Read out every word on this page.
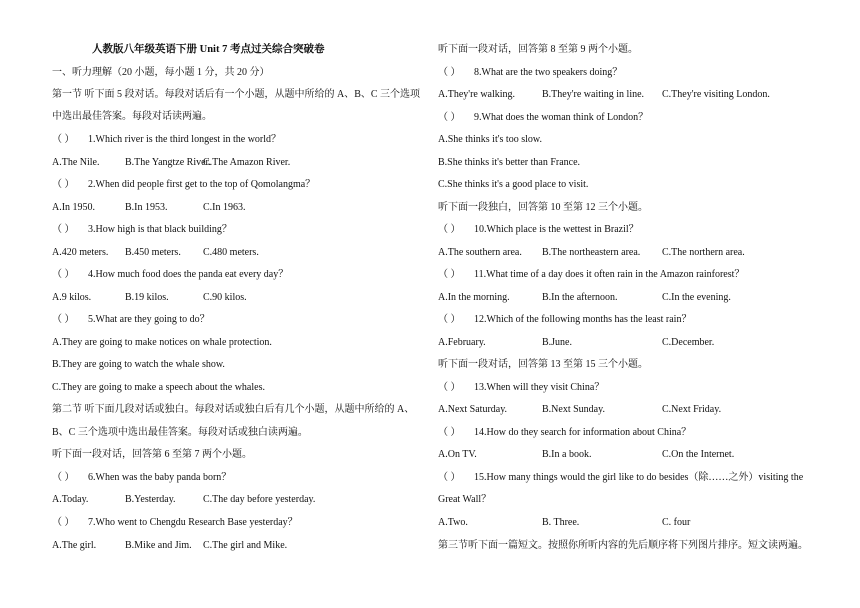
人教版八年级英语下册 Unit 7 考点过关综合突破卷
一、听力理解（20 小题，每小题 1 分，共 20 分）
第一节 听下面 5 段对话。每段对话后有一个小题，从题中所给的 A、B、C 三个选项
中选出最佳答案。每段对话读两遍。
（ ） 1.Which river is the third longest in the world？
A.The Nile.	B.The Yangtze River.
C.The Amazon River.
（ ） 2.When did people first get to the top of Qomolangma？
A.In 1950.	B.In 1953.	C.In 1963.
（ ） 3.How high is that black building？
A.420 meters. B.450 meters. C.480 meters.
（ ） 4.How much food does the panda eat every day？
A.9 kilos.	B.19 kilos.	C.90 kilos.
（ ） 5.What are they going to do？
A.They are going to make notices on whale protection.
B.They are going to watch the whale show.
C.They are going to make a speech about the whales.
第二节 听下面几段对话或独白。每段对话或独白后有几个小题，从题中所给的 A、
B、C 三个选项中选出最佳答案。每段对话或独白读两遍。
听下面一段对话，回答第 6 至第 7 两个小题。
（ ） 6.When was the baby panda born？
A.Today.	B.Yesterday.	C.The day before yesterday.
（ ） 7.Who went to Chengdu Research Base yesterday？
A.The girl.	B.Mike and Jim. C.The girl and Mike.
听下面一段对话，回答第 8 至第 9 两个小题。
（ ） 8.What are the two speakers doing？
A.They're walking.	B.They're waiting in line. C.They're visiting London.
（ ） 9.What does the woman think of London？
A.She thinks it's too slow.
B.She thinks it's better than France.
C.She thinks it's a good place to visit.
听下面一段独白，回答第 10 至第 12 三个小题。
（ ） 10.Which place is the wettest in Brazil？
A.The southern area. B.The northeastern area. C.The northern area.
（ ） 11.What time of a day does it often rain in the Amazon rainforest？
A.In the morning.	B.In the afternoon.	C.In the evening.
（ ） 12.Which of the following months has the least rain？
A.February.	B.June.	C.December.
听下面一段对话，回答第 13 至第 15 三个小题。
（ ） 13.When will they visit China？
A.Next Saturday.	B.Next Sunday.	C.Next Friday.
（ ） 14.How do they search for information about China？
A.On TV.	B.In a book.	C.On the Internet.
（ ） 15.How many things would the girl like to do besides（除……之外）visiting the
Great Wall？
A.Two.	B. Three.	C. four
第三节听下面一篇短文。按照你所听内容的先后顺序将下列图片排序。短文读两遍。
